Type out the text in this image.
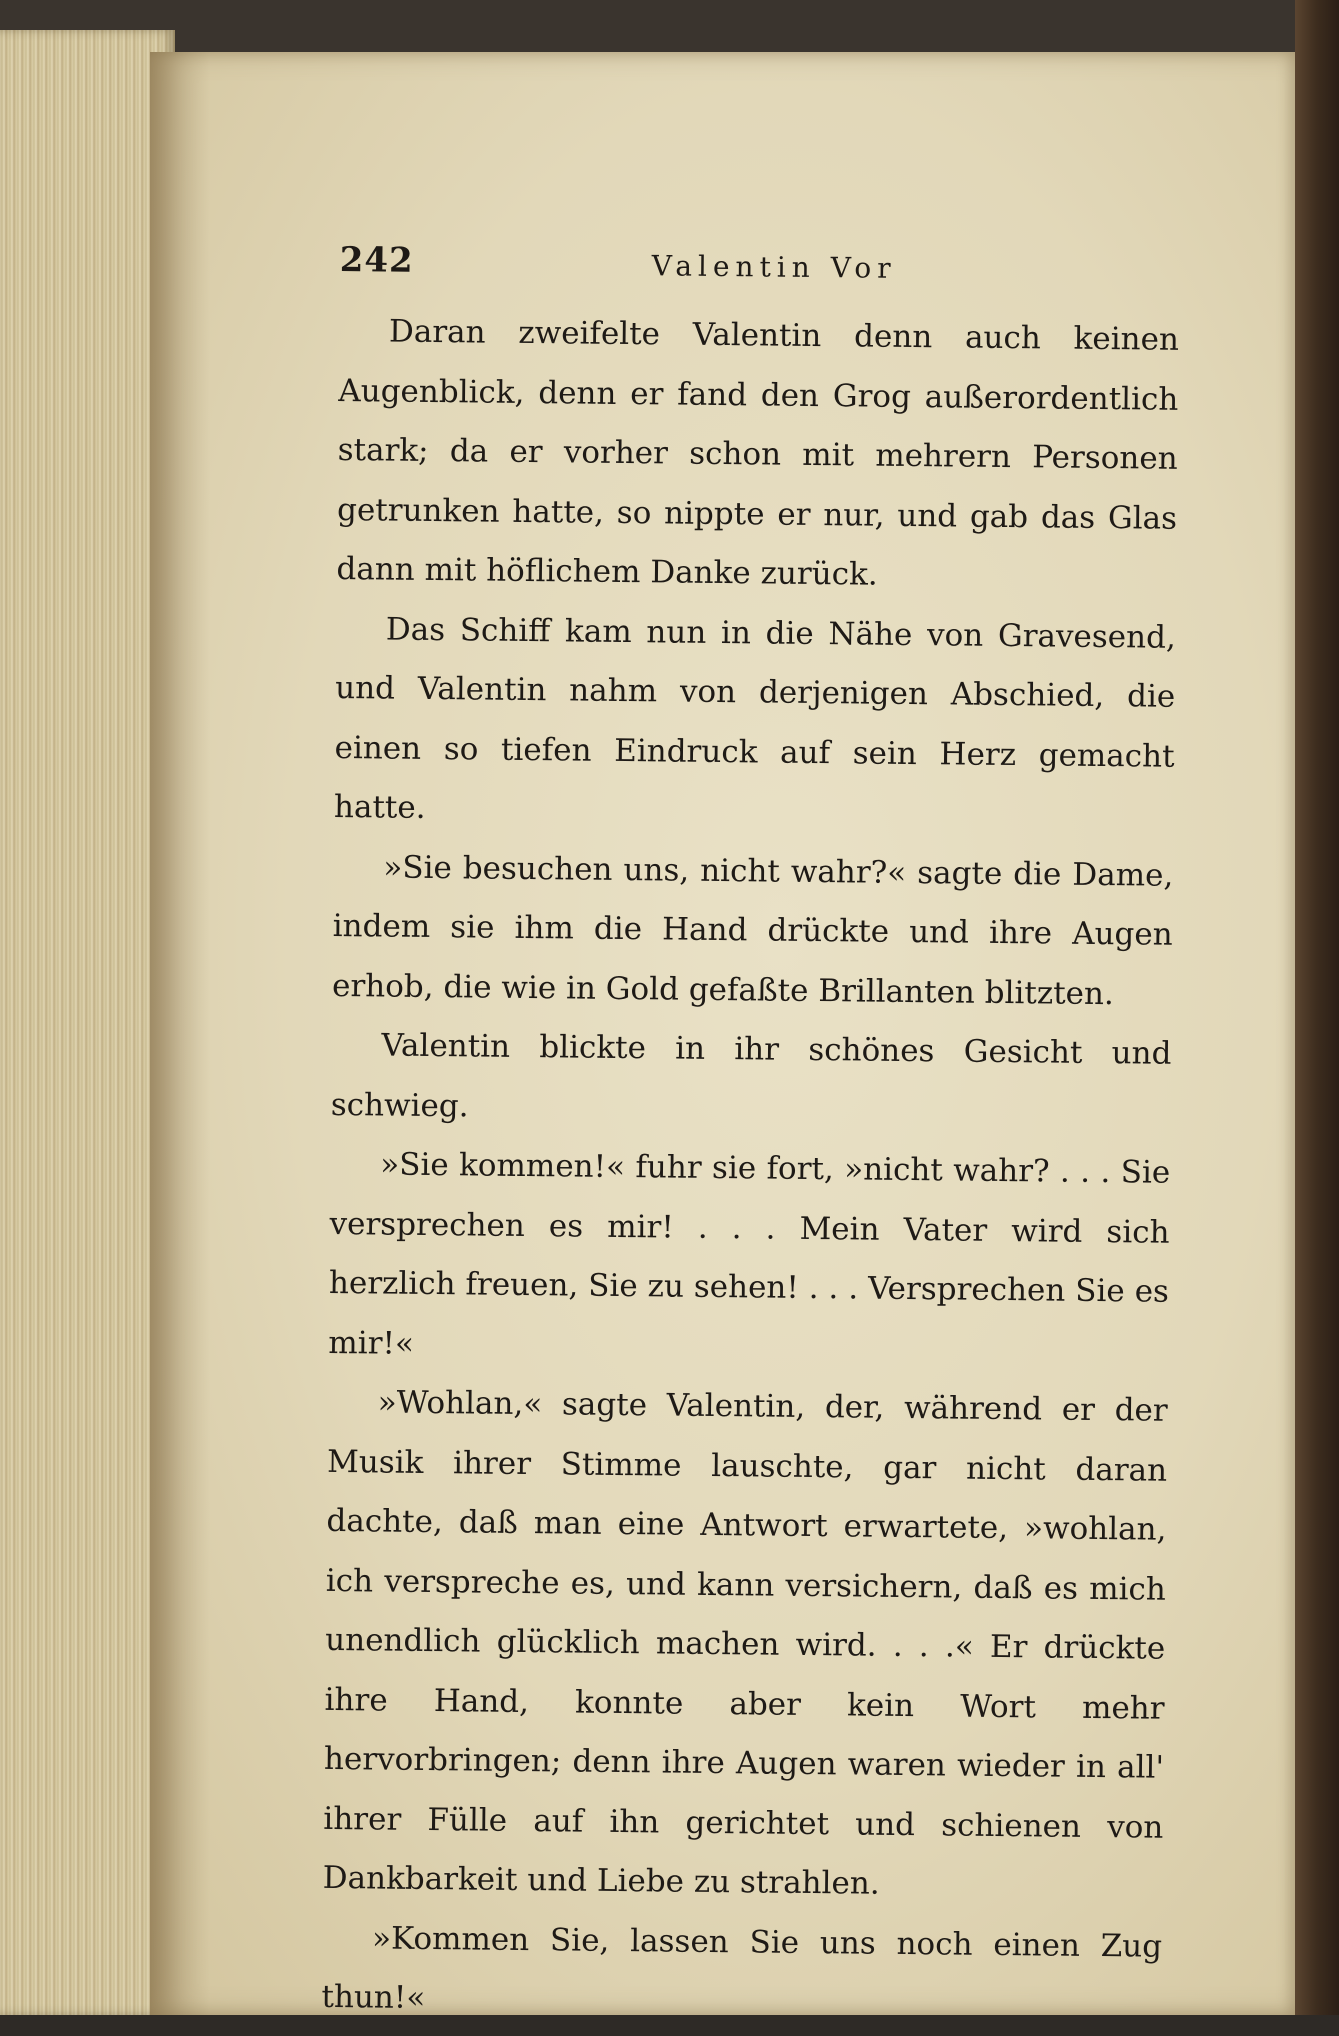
242	Valentin Vor

Daran zweifelte Valentin denn auch keinen Augenblick, denn er fand den Grog außerordentlich stark; da er vorher schon mit mehrern Personen getrunken hatte, so nippte er nur, und gab das Glas dann mit höflichem Danke zurück.

Das Schiff kam nun in die Nähe von Gravesend, und Valentin nahm von derjenigen Abschied, die einen so tiefen Eindruck auf sein Herz gemacht hatte.

»Sie besuchen uns, nicht wahr?« sagte die Dame, indem sie ihm die Hand drückte und ihre Augen erhob, die wie in Gold gefaßte Brillanten blitzten.

Valentin blickte in ihr schönes Gesicht und schwieg.

»Sie kommen!« fuhr sie fort, »nicht wahr? . . . Sie versprechen es mir! . . . Mein Vater wird sich herzlich freuen, Sie zu sehen! . . . Versprechen Sie es mir!«

»Wohlan,« sagte Valentin, der, während er der Musik ihrer Stimme lauschte, gar nicht daran dachte, daß man eine Antwort erwartete, »wohlan, ich verspreche es, und kann versichern, daß es mich unendlich glücklich machen wird. . . .« Er drückte ihre Hand, konnte aber kein Wort mehr hervorbringen; denn ihre Augen waren wieder in all' ihrer Fülle auf ihn gerichtet und schienen von Dankbarkeit und Liebe zu strahlen.

»Kommen Sie, lassen Sie uns noch einen Zug thun!«
